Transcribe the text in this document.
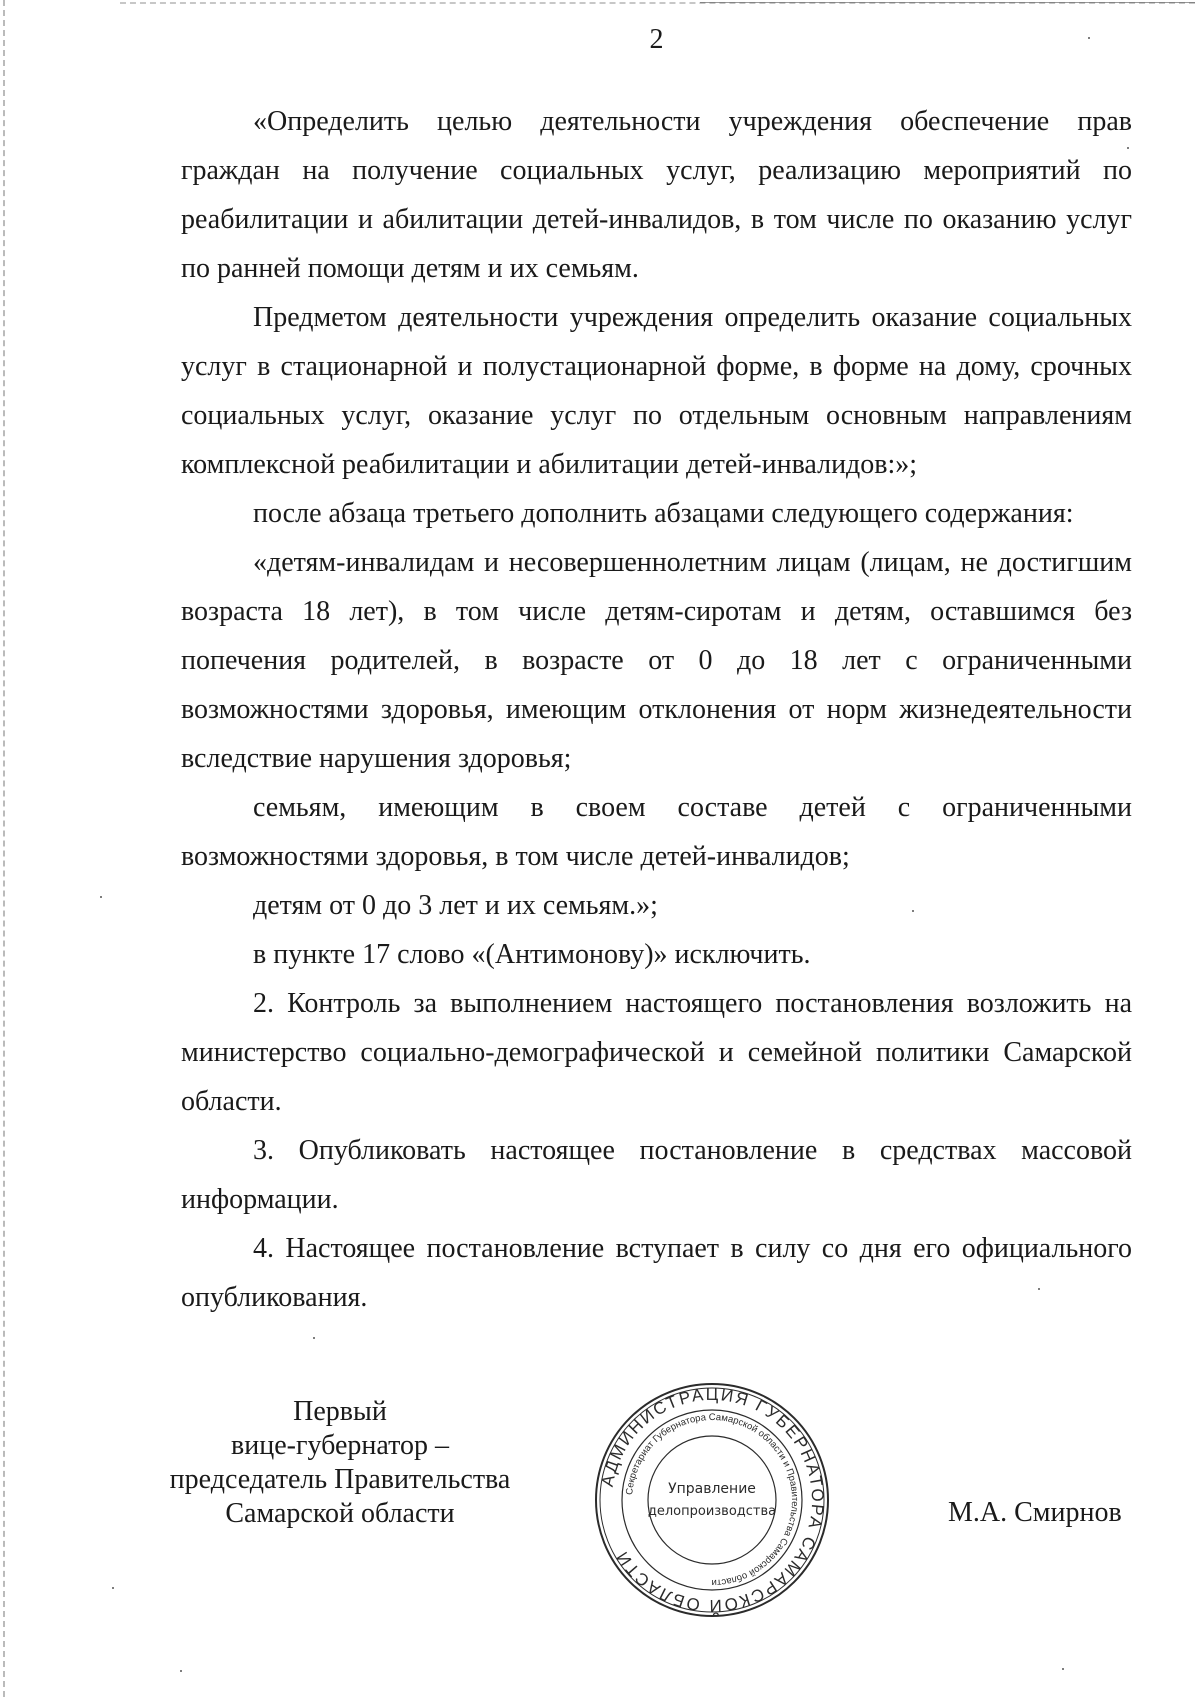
2

«Определить целью деятельности учреждения обеспечение прав граждан на получение социальных услуг, реализацию мероприятий по реабилитации и абилитации детей-инвалидов, в том числе по оказанию услуг по ранней помощи детям и их семьям.

Предметом деятельности учреждения определить оказание социальных услуг в стационарной и полустационарной форме, в форме на дому, срочных социальных услуг, оказание услуг по отдельным основным направлениям комплексной реабилитации и абилитации детей-инвалидов:»;

после абзаца третьего дополнить абзацами следующего содержания:

«детям-инвалидам и несовершеннолетним лицам (лицам, не достигшим возраста 18 лет), в том числе детям-сиротам и детям, оставшимся без попечения родителей, в возрасте от 0 до 18 лет с ограниченными возможностями здоровья, имеющим отклонения от норм жизнедеятельности вследствие нарушения здоровья;

семьям, имеющим в своем составе детей с ограниченными возможностями здоровья, в том числе детей-инвалидов;

детям от 0 до 3 лет и их семьям.»;

в пункте 17 слово «(Антимонову)» исключить.

2. Контроль за выполнением настоящего постановления возложить на министерство социально-демографической и семейной политики Самарской области.

3. Опубликовать настоящее постановление в средствах массовой информации.

4. Настоящее постановление вступает в силу со дня его официального опубликования.

Первый
вице-губернатор –
председатель Правительства
Самарской области
АДМИНИСТРАЦИЯ ГУБЕРНАТОРА САМАРСКОЙ ОБЛАСТИ
Секретариат Губернатора Самарской области и Правительства Самарской области
Управление
делопроизводства	М.А. Смирнов
